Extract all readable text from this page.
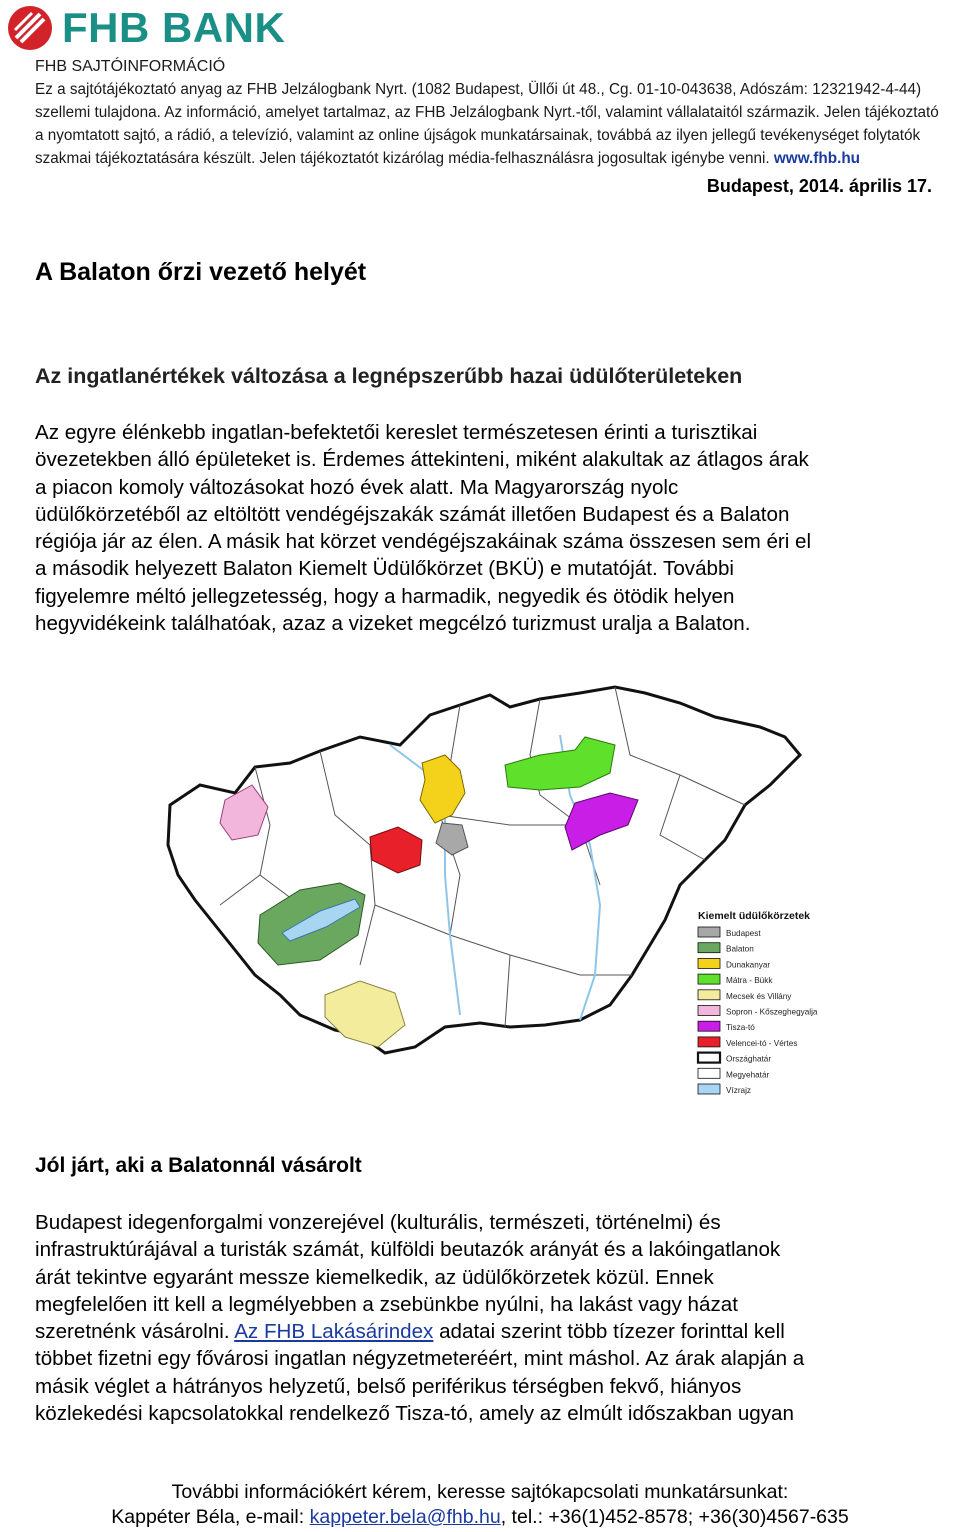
FHB BANK
FHB SAJTÓINFORMÁCIÓ
Ez a sajtótájékoztató anyag az FHB Jelzálogbank Nyrt. (1082 Budapest, Üllői út 48., Cg. 01-10-043638, Adószám: 12321942-4-44)
szellemi tulajdona. Az információ, amelyet tartalmaz, az FHB Jelzálogbank Nyrt.-től, valamint vállalataitól származik. Jelen tájékoztató
a nyomtatott sajtó, a rádió, a televízió, valamint az online újságok munkatársainak, továbbá az ilyen jellegű tevékenységet folytatók
szakmai tájékoztatására készült. Jelen tájékoztatót kizárólag média-felhasználásra jogosultak igénybe venni. www.fhb.hu
Budapest, 2014. április 17.
A Balaton őrzi vezető helyét
Az ingatlanértékek változása a legnépszerűbb hazai üdülőterületeken
Az egyre élénkebb ingatlan-befektetői kereslet természetesen érinti a turisztikai
övezetekben álló épületeket is. Érdemes áttekinteni, miként alakultak az átlagos árak
a piacon komoly változásokat hozó évek alatt. Ma Magyarország nyolc
üdülőkörzetéből az eltöltött vendégéjszakák számát illetően Budapest és a Balaton
régiója jár az élen. A másik hat körzet vendégéjszakáinak száma összesen sem éri el
a második helyezett Balaton Kiemelt Üdülőkörzet (BKÜ) e mutatóját. További
figyelemre méltó jellegzetesség, hogy a harmadik, negyedik és ötödik helyen
hegyvidékeink találhatóak, azaz a vizeket megcélzó turizmust uralja a Balaton.
Kiemelt üdülőkörzetek
Budapest
Balaton
Dunakanyar
Mátra - Bükk
Mecsek és Villány
Sopron - Kőszeghegyalja
Tisza-tó
Velencei-tó - Vértes
Országhatár
Megyehatár
Vízrajz
Jól járt, aki a Balatonnál vásárolt
Budapest idegenforgalmi vonzerejével (kulturális, természeti, történelmi) és
infrastruktúrájával a turisták számát, külföldi beutazók arányát és a lakóingatlanok
árát tekintve egyaránt messze kiemelkedik, az üdülőkörzetek közül. Ennek
megfelelően itt kell a legmélyebben a zsebünkbe nyúlni, ha lakást vagy házat
szeretnénk vásárolni. Az FHB Lakásárindex adatai szerint több tízezer forinttal kell
többet fizetni egy fővárosi ingatlan négyzetmeteréért, mint máshol. Az árak alapján a
másik véglet a hátrányos helyzetű, belső periférikus térségben fekvő, hiányos
közlekedési kapcsolatokkal rendelkező Tisza-tó, amely az elmúlt időszakban ugyan
További információkért kérem, keresse sajtókapcsolati munkatársunkat:
Kappéter Béla, e-mail: kappeter.bela@fhb.hu, tel.: +36(1)452-8578; +36(30)4567-635
